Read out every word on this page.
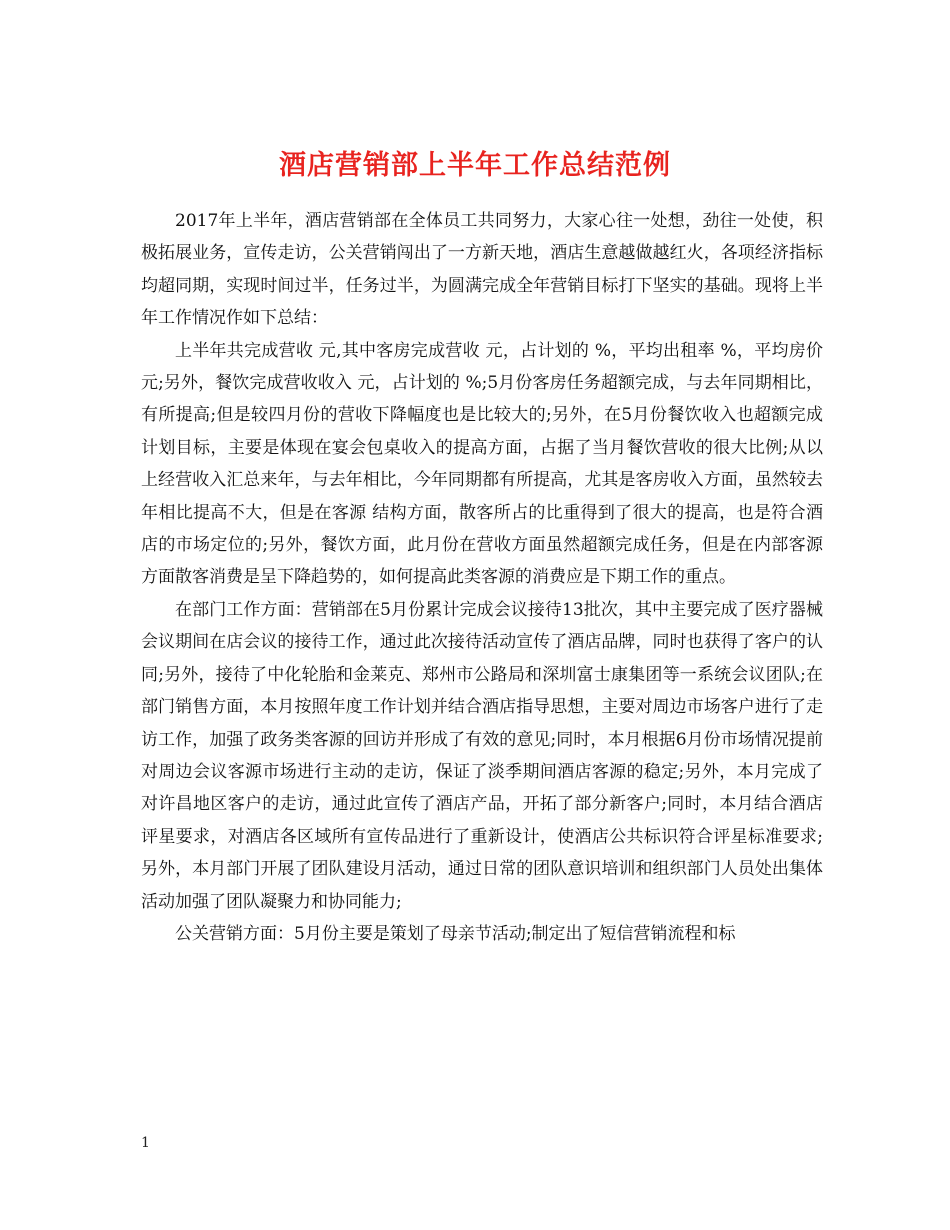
酒店营销部上半年工作总结范例

2017年上半年，酒店营销部在全体员工共同努力，大家心往一处想，劲往一处使，积极拓展业务，宣传走访，公关营销闯出了一方新天地，酒店生意越做越红火，各项经济指标均超同期，实现时间过半，任务过半，为圆满完成全年营销目标打下坚实的基础。现将上半年工作情况作如下总结：

上半年共完成营收 元,其中客房完成营收 元，占计划的 %，平均出租率 %，平均房价 元;另外，餐饮完成营收收入 元，占计划的 %;5月份客房任务超额完成，与去年同期相比，有所提高;但是较四月份的营收下降幅度也是比较大的;另外，在5月份餐饮收入也超额完成计划目标，主要是体现在宴会包桌收入的提高方面，占据了当月餐饮营收的很大比例;从以上经营收入汇总来年，与去年相比，今年同期都有所提高，尤其是客房收入方面，虽然较去年相比提高不大，但是在客源 结构方面，散客所占的比重得到了很大的提高，也是符合酒店的市场定位的;另外，餐饮方面，此月份在营收方面虽然超额完成任务，但是在内部客源方面散客消费是呈下降趋势的，如何提高此类客源的消费应是下期工作的重点。

在部门工作方面：营销部在5月份累计完成会议接待13批次，其中主要完成了医疗器械会议期间在店会议的接待工作，通过此次接待活动宣传了酒店品牌，同时也获得了客户的认同;另外，接待了中化轮胎和金莱克、郑州市公路局和深圳富士康集团等一系统会议团队;在部门销售方面，本月按照年度工作计划并结合酒店指导思想，主要对周边市场客户进行了走访工作，加强了政务类客源的回访并形成了有效的意见;同时，本月根据6月份市场情况提前对周边会议客源市场进行主动的走访，保证了淡季期间酒店客源的稳定;另外，本月完成了对许昌地区客户的走访，通过此宣传了酒店产品，开拓了部分新客户;同时，本月结合酒店评星要求，对酒店各区域所有宣传品进行了重新设计，使酒店公共标识符合评星标准要求;另外，本月部门开展了团队建设月活动，通过日常的团队意识培训和组织部门人员处出集体活动加强了团队凝聚力和协同能力;

公关营销方面：5月份主要是策划了母亲节活动;制定出了短信营销流程和标

1
